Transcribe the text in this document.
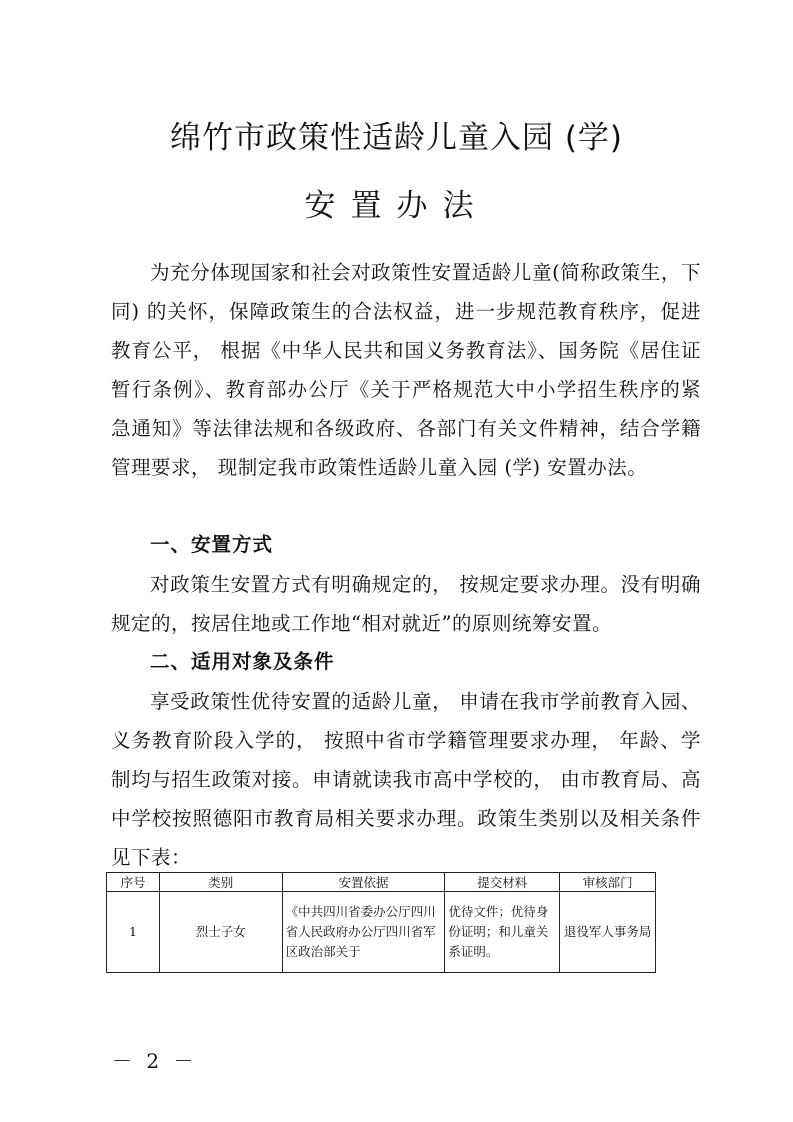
绵竹市政策性适龄儿童入园 (学)
安置办法
为充分体现国家和社会对政策性安置适龄儿童(简称政策生，下同) 的关怀，保障政策生的合法权益，进一步规范教育秩序，促进教育公平， 根据《中华人民共和国义务教育法》、国务院《居住证暂行条例》、教育部办公厅《关于严格规范大中小学招生秩序的紧急通知》等法律法规和各级政府、各部门有关文件精神，结合学籍管理要求， 现制定我市政策性适龄儿童入园 (学) 安置办法。
一、安置方式
对政策生安置方式有明确规定的， 按规定要求办理。没有明确规定的，按居住地或工作地“相对就近”的原则统筹安置。
二、适用对象及条件
享受政策性优待安置的适龄儿童， 申请在我市学前教育入园、义务教育阶段入学的， 按照中省市学籍管理要求办理， 年龄、学制均与招生政策对接。申请就读我市高中学校的， 由市教育局、高中学校按照德阳市教育局相关要求办理。政策生类别以及相关条件见下表：
序号	类别	安置依据	提交材料	审核部门
1	烈士子女	《中共四川省委办公厅四川省人民政府办公厅四川省军区政治部关于	优待文件；优待身份证明；和儿童关系证明。	退役军人事务局
－ 2 －
